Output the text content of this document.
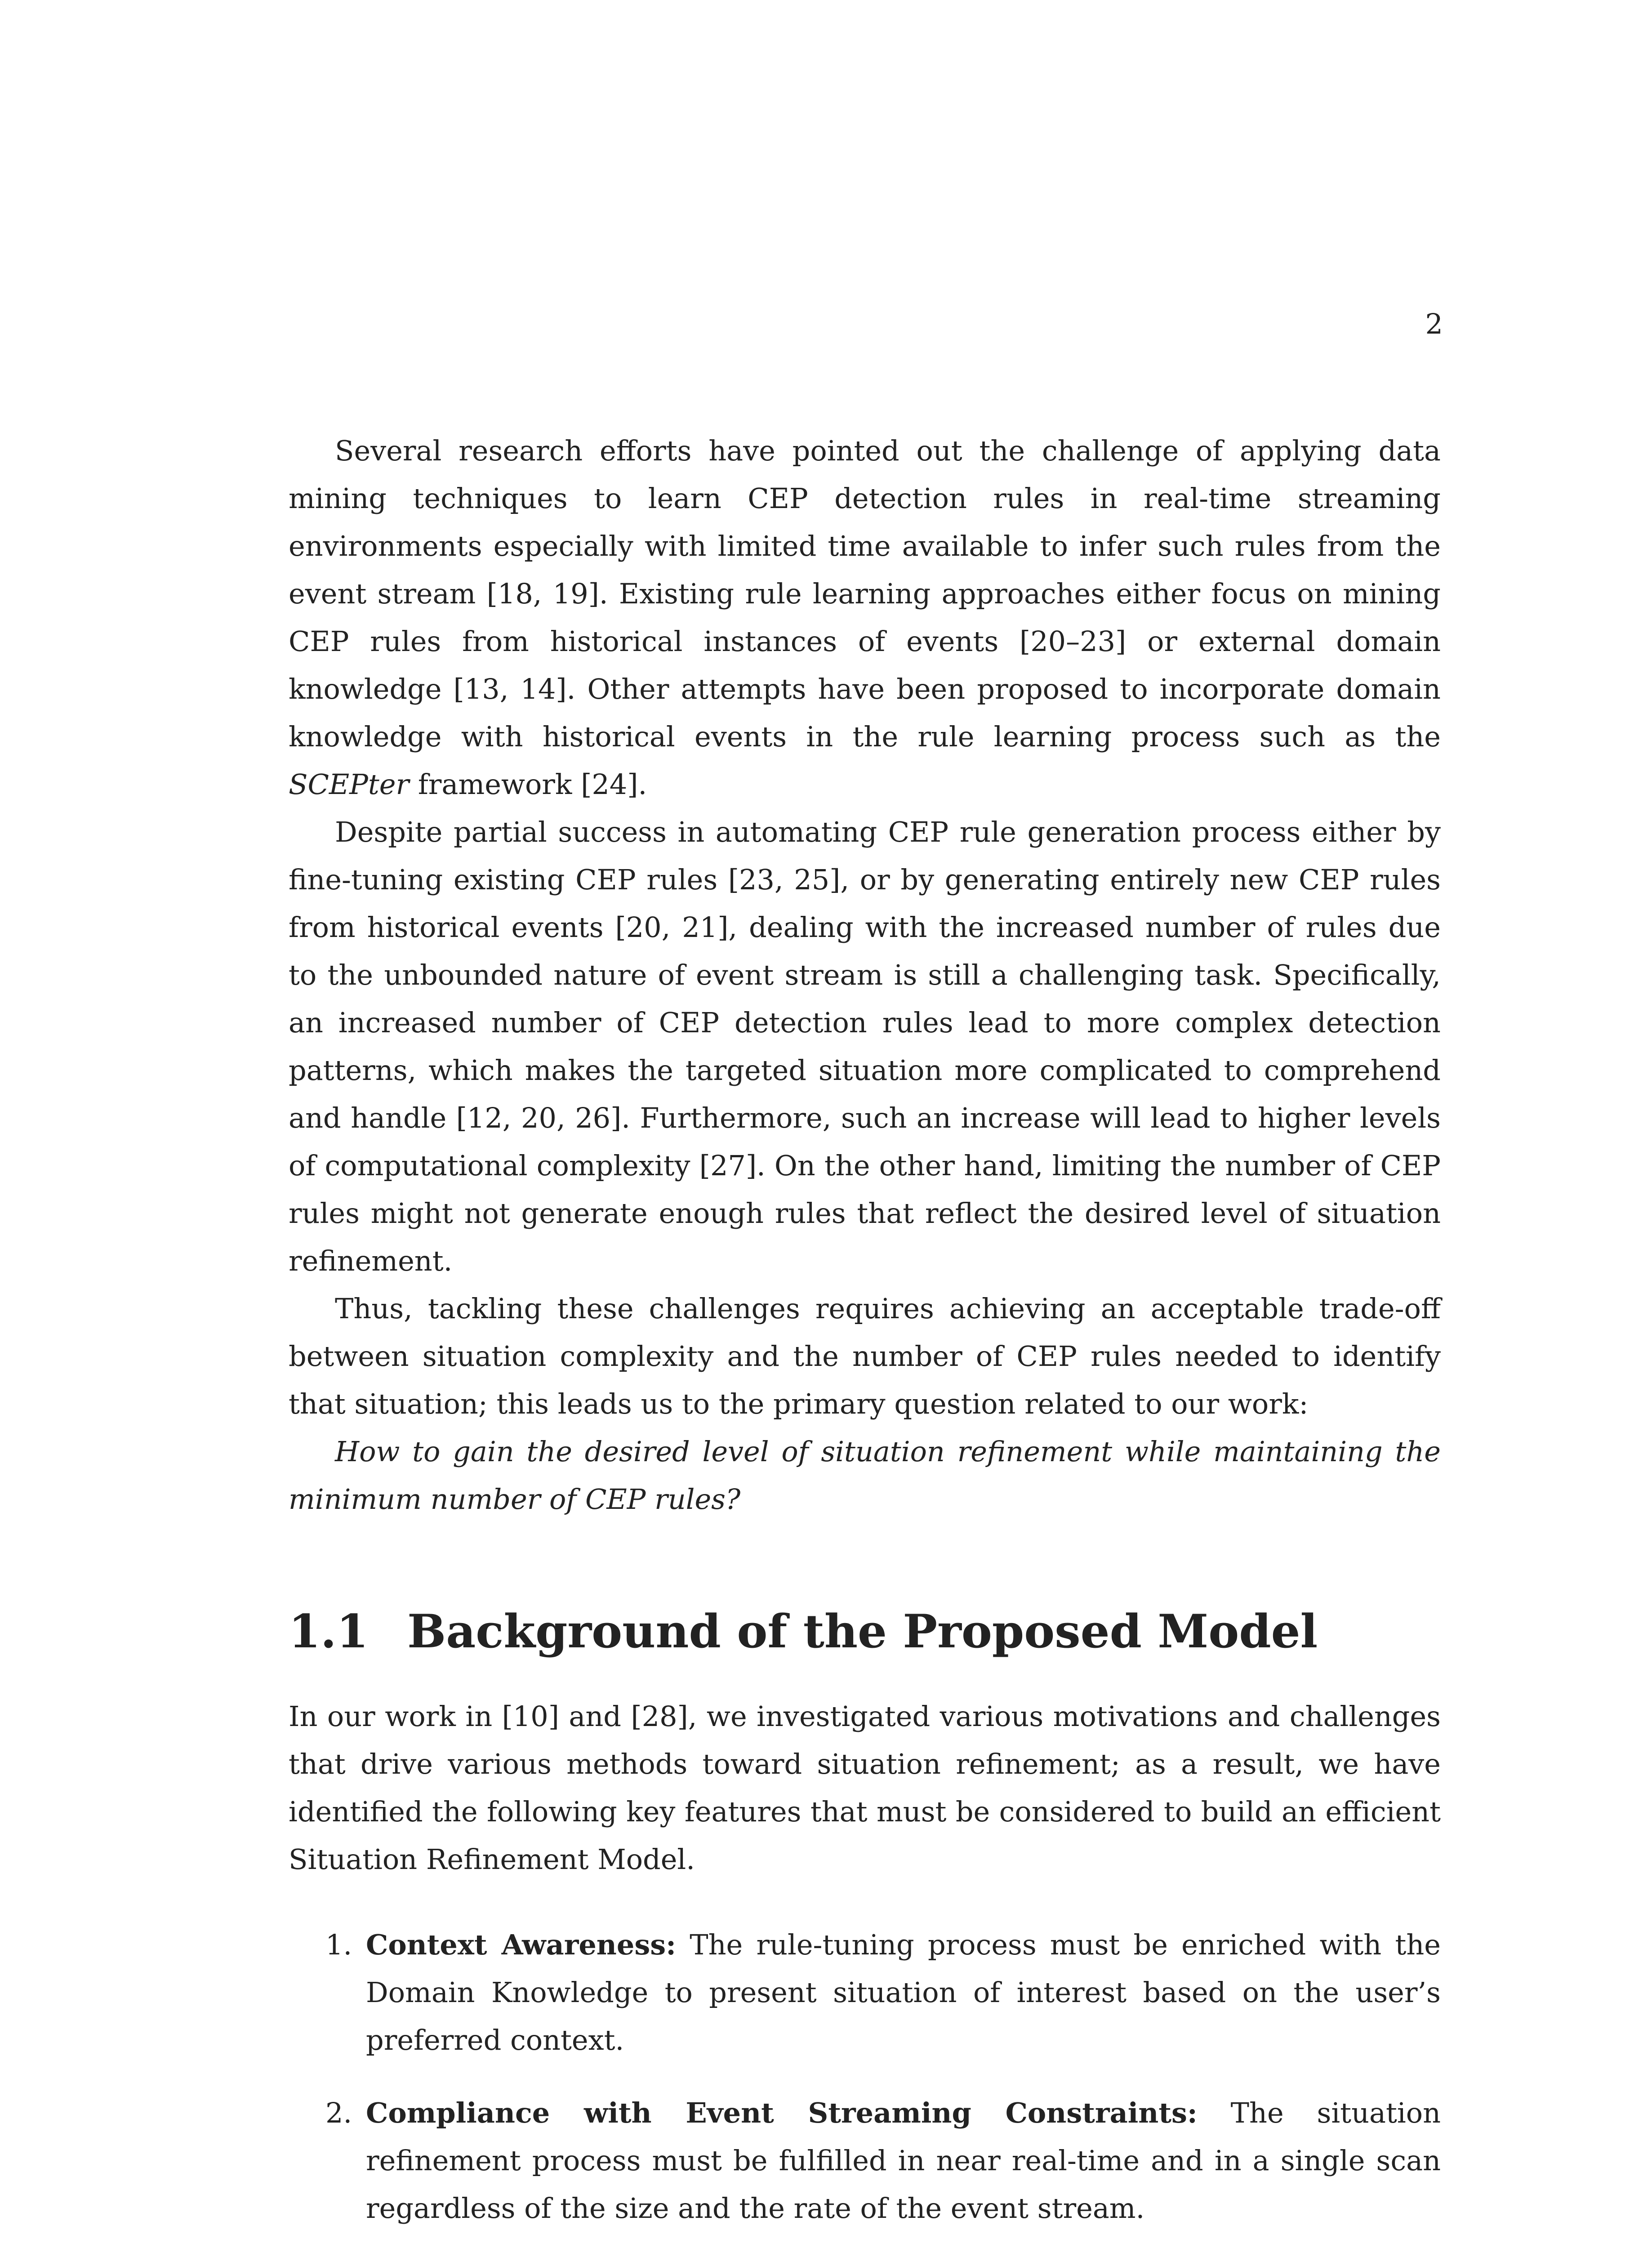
2

Several research efforts have pointed out the challenge of applying data mining techniques to learn CEP detection rules in real-time streaming environments especially with limited time available to infer such rules from the event stream [18, 19]. Existing rule learning approaches either focus on mining CEP rules from historical instances of events [20–23] or external domain knowledge [13, 14]. Other attempts have been proposed to incorporate domain knowledge with historical events in the rule learning process such as the SCEPter framework [24].

Despite partial success in automating CEP rule generation process either by fine-tuning existing CEP rules [23, 25], or by generating entirely new CEP rules from historical events [20, 21], dealing with the increased number of rules due to the unbounded nature of event stream is still a challenging task. Specifically, an increased number of CEP detection rules lead to more complex detection patterns, which makes the targeted situation more complicated to comprehend and handle [12, 20, 26]. Furthermore, such an increase will lead to higher levels of computational complexity [27]. On the other hand, limiting the number of CEP rules might not generate enough rules that reflect the desired level of situation refinement.

Thus, tackling these challenges requires achieving an acceptable trade-off between situation complexity and the number of CEP rules needed to identify that situation; this leads us to the primary question related to our work:

How to gain the desired level of situation refinement while maintaining the minimum number of CEP rules?

1.1 Background of the Proposed Model

In our work in [10] and [28], we investigated various motivations and challenges that drive various methods toward situation refinement; as a result, we have identified the following key features that must be considered to build an efficient Situation Refinement Model.

1. Context Awareness: The rule-tuning process must be enriched with the Domain Knowledge to present situation of interest based on the user’s preferred context.
2. Compliance with Event Streaming Constraints: The situation refinement process must be fulfilled in near real-time and in a single scan regardless of the size and the rate of the event stream.
